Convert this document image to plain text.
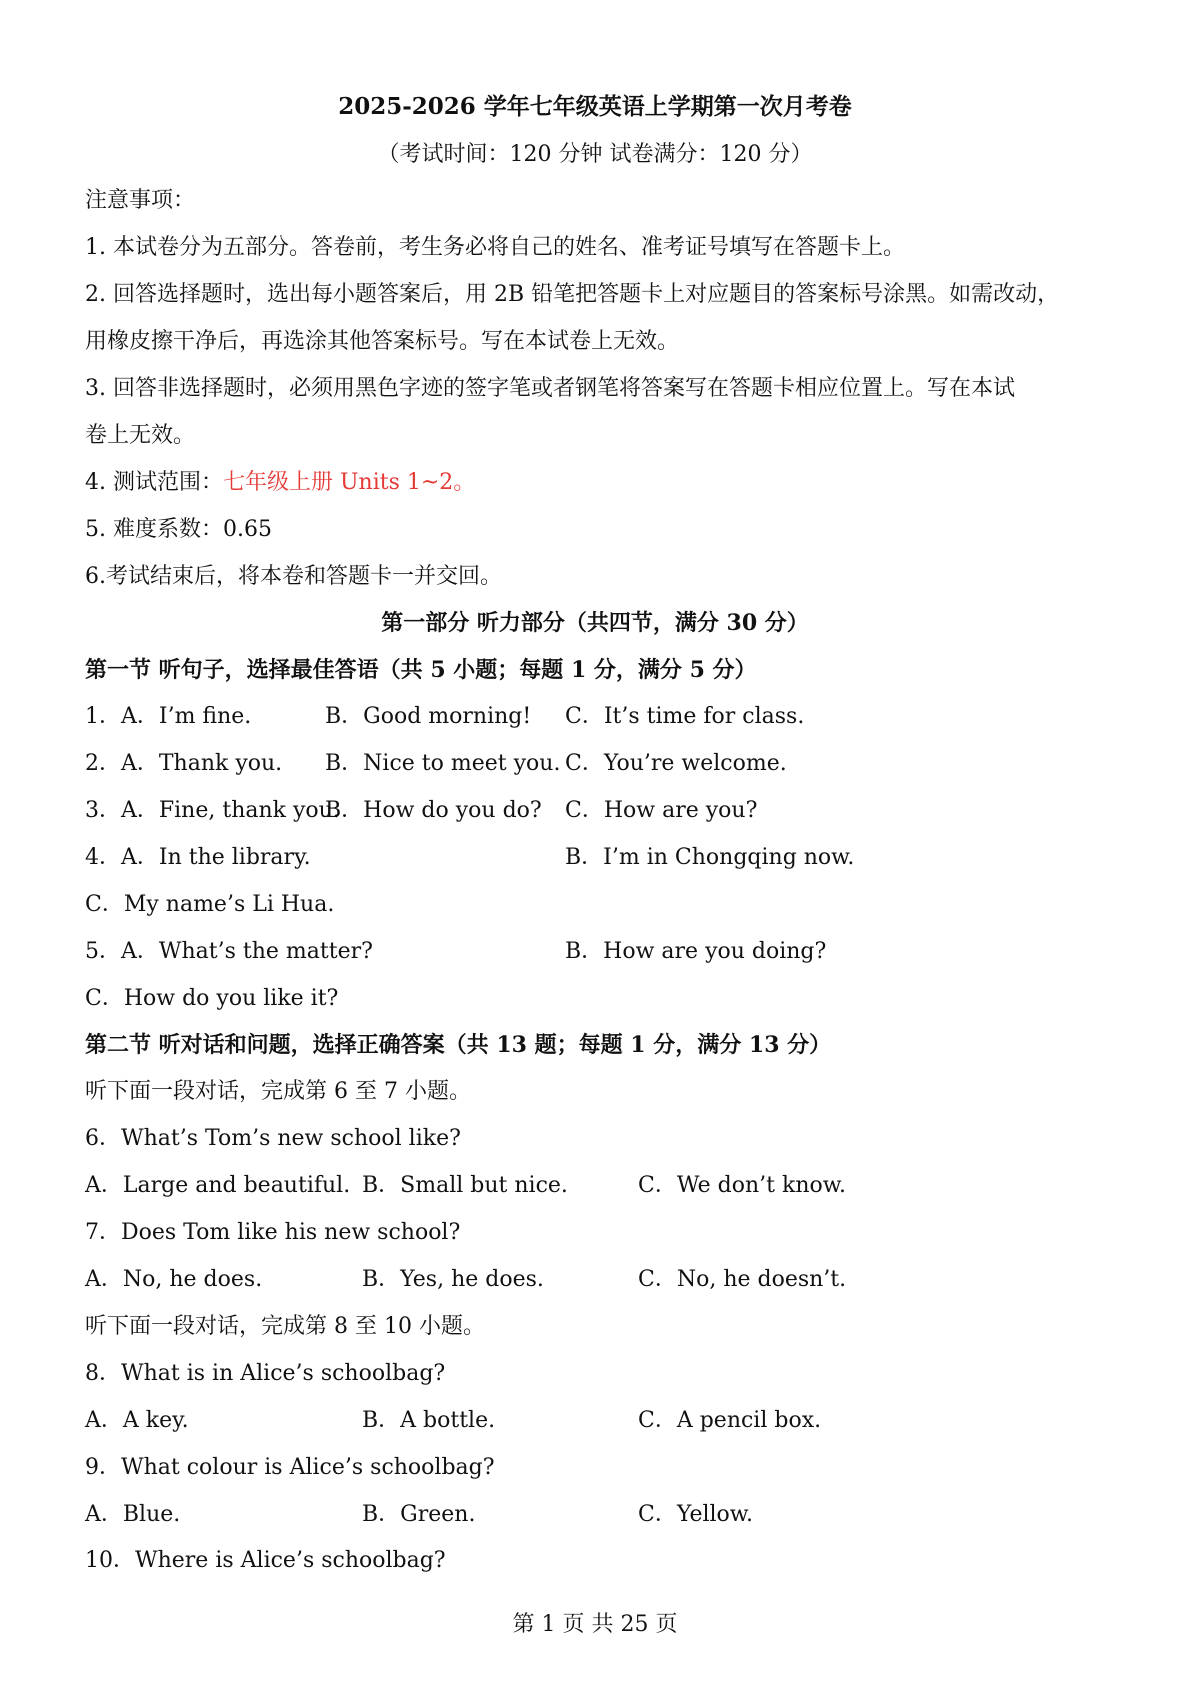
2025-2026 学年七年级英语上学期第一次月考卷
（考试时间：120 分钟 试卷满分：120 分）
注意事项：
1. 本试卷分为五部分。答卷前，考生务必将自己的姓名、准考证号填写在答题卡上。
2. 回答选择题时，选出每小题答案后，用 2B 铅笔把答题卡上对应题目的答案标号涂黑。如需改动，
用橡皮擦干净后，再选涂其他答案标号。写在本试卷上无效。
3. 回答非选择题时，必须用黑色字迹的签字笔或者钢笔将答案写在答题卡相应位置上。写在本试
卷上无效。
4. 测试范围：七年级上册 Units 1~2。
5. 难度系数：0.65
6.考试结束后，将本卷和答题卡一并交回。
第一部分 听力部分（共四节，满分 30 分）
第一节 听句子，选择最佳答语（共 5 小题；每题 1 分，满分 5 分）
1．A．I’m fine.	B．Good morning! C．It’s time for class.
2．A．Thank you. B．Nice to meet you. C．You’re welcome.
3．A．Fine, thank you.
B．How do you do? C．How are you?
4．A．In the library.	B．I’m in Chongqing now.
C．My name’s Li Hua.
5．A．What’s the matter?	B．How are you doing?
C．How do you like it?
第二节 听对话和问题，选择正确答案（共 13 题；每题 1 分，满分 13 分）
听下面一段对话，完成第 6 至 7 小题。
6．What’s Tom’s new school like?
A．Large and beautiful. B．Small but nice.	C．We don’t know.
7．Does Tom like his new school?
A．No, he does.	B．Yes, he does.	C．No, he doesn’t.
听下面一段对话，完成第 8 至 10 小题。
8．What is in Alice’s schoolbag?
A．A key.	B．A bottle.	C．A pencil box.
9．What colour is Alice’s schoolbag?
A．Blue.	B．Green.	C．Yellow.
10．Where is Alice’s schoolbag?
第 1 页 共 25 页
